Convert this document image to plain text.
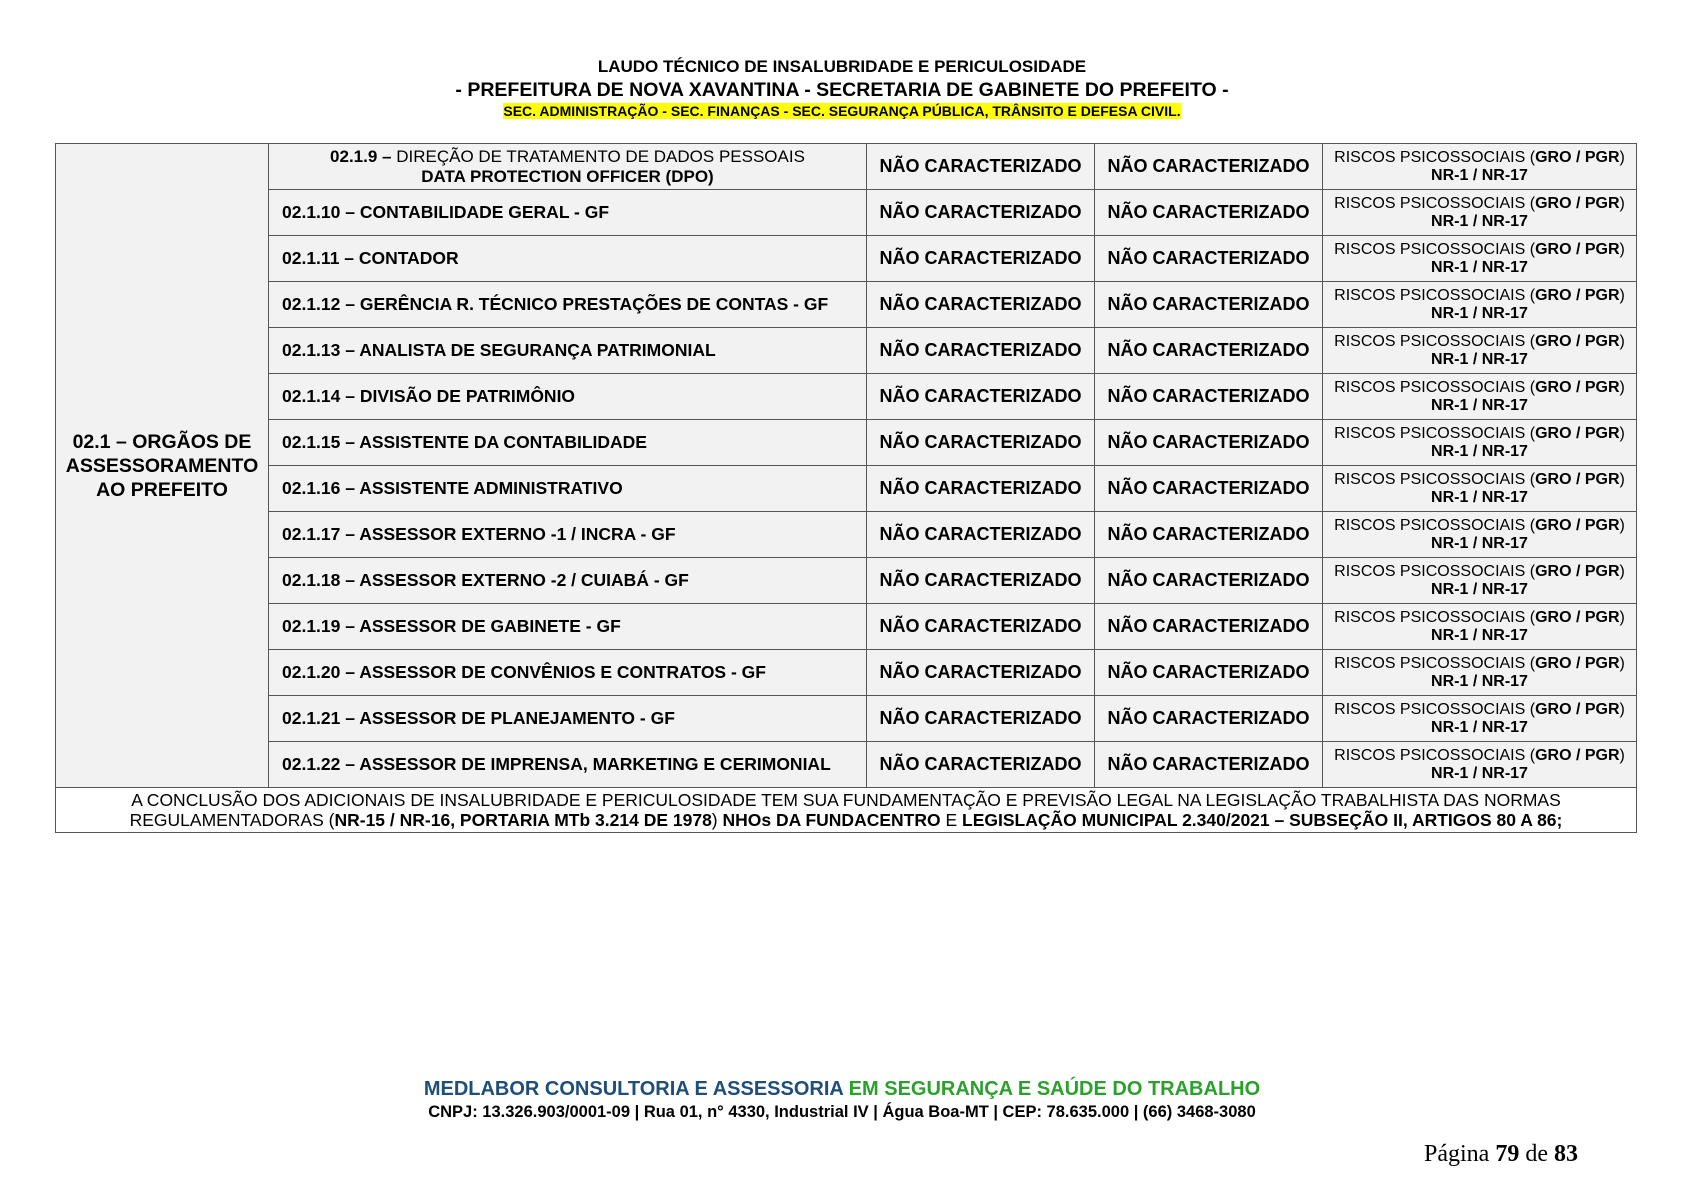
LAUDO TÉCNICO DE INSALUBRIDADE E PERICULOSIDADE
- PREFEITURA DE NOVA XAVANTINA - SECRETARIA DE GABINETE DO PREFEITO -
SEC. ADMINISTRAÇÃO - SEC. FINANÇAS - SEC. SEGURANÇA PÚBLICA, TRÂNSITO E DEFESA CIVIL.
02.1 – ORGÃOS DE ASSESSORAMENTO AO PREFEITO	02.1.9 – DIREÇÃO DE TRATAMENTO DE DADOS PESSOAIS
DATA PROTECTION OFFICER (DPO)	NÃO CARACTERIZADO	NÃO CARACTERIZADO	RISCOS PSICOSSOCIAIS (GRO / PGR)
NR-1 / NR-17
	02.1.10 – CONTABILIDADE GERAL - GF	NÃO CARACTERIZADO	NÃO CARACTERIZADO	RISCOS PSICOSSOCIAIS (GRO / PGR)
NR-1 / NR-17
	02.1.11 – CONTADOR	NÃO CARACTERIZADO	NÃO CARACTERIZADO	RISCOS PSICOSSOCIAIS (GRO / PGR)
NR-1 / NR-17
	02.1.12 – GERÊNCIA R. TÉCNICO PRESTAÇÕES DE CONTAS - GF	NÃO CARACTERIZADO	NÃO CARACTERIZADO	RISCOS PSICOSSOCIAIS (GRO / PGR)
NR-1 / NR-17
	02.1.13 – ANALISTA DE SEGURANÇA PATRIMONIAL	NÃO CARACTERIZADO	NÃO CARACTERIZADO	RISCOS PSICOSSOCIAIS (GRO / PGR)
NR-1 / NR-17
	02.1.14 – DIVISÃO DE PATRIMÔNIO	NÃO CARACTERIZADO	NÃO CARACTERIZADO	RISCOS PSICOSSOCIAIS (GRO / PGR)
NR-1 / NR-17
	02.1.15 – ASSISTENTE DA CONTABILIDADE	NÃO CARACTERIZADO	NÃO CARACTERIZADO	RISCOS PSICOSSOCIAIS (GRO / PGR)
NR-1 / NR-17
	02.1.16 – ASSISTENTE ADMINISTRATIVO	NÃO CARACTERIZADO	NÃO CARACTERIZADO	RISCOS PSICOSSOCIAIS (GRO / PGR)
NR-1 / NR-17
	02.1.17 – ASSESSOR EXTERNO -1 / INCRA - GF	NÃO CARACTERIZADO	NÃO CARACTERIZADO	RISCOS PSICOSSOCIAIS (GRO / PGR)
NR-1 / NR-17
	02.1.18 – ASSESSOR EXTERNO -2 / CUIABÁ - GF	NÃO CARACTERIZADO	NÃO CARACTERIZADO	RISCOS PSICOSSOCIAIS (GRO / PGR)
NR-1 / NR-17
	02.1.19 – ASSESSOR DE GABINETE - GF	NÃO CARACTERIZADO	NÃO CARACTERIZADO	RISCOS PSICOSSOCIAIS (GRO / PGR)
NR-1 / NR-17
	02.1.20 – ASSESSOR DE CONVÊNIOS E CONTRATOS - GF	NÃO CARACTERIZADO	NÃO CARACTERIZADO	RISCOS PSICOSSOCIAIS (GRO / PGR)
NR-1 / NR-17
	02.1.21 – ASSESSOR DE PLANEJAMENTO - GF	NÃO CARACTERIZADO	NÃO CARACTERIZADO	RISCOS PSICOSSOCIAIS (GRO / PGR)
NR-1 / NR-17
	02.1.22 – ASSESSOR DE IMPRENSA, MARKETING E CERIMONIAL	NÃO CARACTERIZADO	NÃO CARACTERIZADO	RISCOS PSICOSSOCIAIS (GRO / PGR)
NR-1 / NR-17
A CONCLUSÃO DOS ADICIONAIS DE INSALUBRIDADE E PERICULOSIDADE TEM SUA FUNDAMENTAÇÃO E PREVISÃO LEGAL NA LEGISLAÇÃO TRABALHISTA DAS NORMAS REGULAMENTADORAS (NR-15 / NR-16, PORTARIA MTb 3.214 DE 1978) NHOs DA FUNDACENTRO E LEGISLAÇÃO MUNICIPAL 2.340/2021 – SUBSEÇÃO II, ARTIGOS 80 A 86;				
MEDLABOR CONSULTORIA E ASSESSORIA EM SEGURANÇA E SAÚDE DO TRABALHO
CNPJ: 13.326.903/0001-09 | Rua 01, n° 4330, Industrial IV | Água Boa-MT | CEP: 78.635.000 | (66) 3468-3080
Página 79 de 83
